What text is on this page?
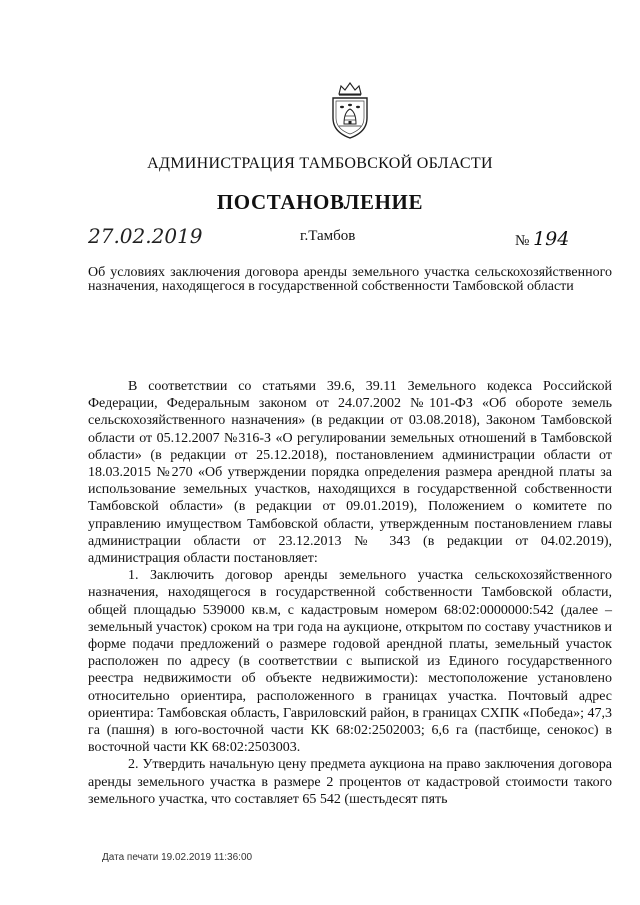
АДМИНИСТРАЦИЯ ТАМБОВСКОЙ ОБЛАСТИ
ПОСТАНОВЛЕНИЕ
27.02.2019	г.Тамбов	№ 194
Об условиях заключения договора аренды земельного участка сельскохозяйственного назначения, находящегося в государственной собственности Тамбовской области

В соответствии со статьями 39.6, 39.11 Земельного кодекса Российской Федерации, Федеральным законом от 24.07.2002 №101-ФЗ «Об обороте земель сельскохозяйственного назначения» (в редакции от 03.08.2018), Законом Тамбовской области от 05.12.2007 №316-З «О регулировании земельных отношений в Тамбовской области» (в редакции от 25.12.2018), постановлением администрации области от 18.03.2015 №270 «Об утверждении порядка определения размера арендной платы за использование земельных участков, находящихся в государственной собственности Тамбовской области» (в редакции от 09.01.2019), Положением о комитете по управлению имуществом Тамбовской области, утвержденным постановлением главы администрации области от 23.12.2013 № 343 (в редакции от 04.02.2019), администрация области постановляет:

1. Заключить договор аренды земельного участка сельскохозяйственного назначения, находящегося в государственной собственности Тамбовской области, общей площадью 539000 кв.м, с кадастровым номером 68:02:0000000:542 (далее – земельный участок) сроком на три года на аукционе, открытом по составу участников и форме подачи предложений о размере годовой арендной платы, земельный участок расположен по адресу (в соответствии с выпиской из Единого государственного реестра недвижимости об объекте недвижимости): местоположение установлено относительно ориентира, расположенного в границах участка. Почтовый адрес ориентира: Тамбовская область, Гавриловский район, в границах СХПК «Победа»; 47,3 га (пашня) в юго-восточной части КК 68:02:2502003; 6,6 га (пастбище, сенокос) в восточной части КК 68:02:2503003.

2. Утвердить начальную цену предмета аукциона на право заключения договора аренды земельного участка в размере 2 процентов от кадастровой стоимости такого земельного участка, что составляет 65 542 (шестьдесят пять

Дата печати 19.02.2019 11:36:00
